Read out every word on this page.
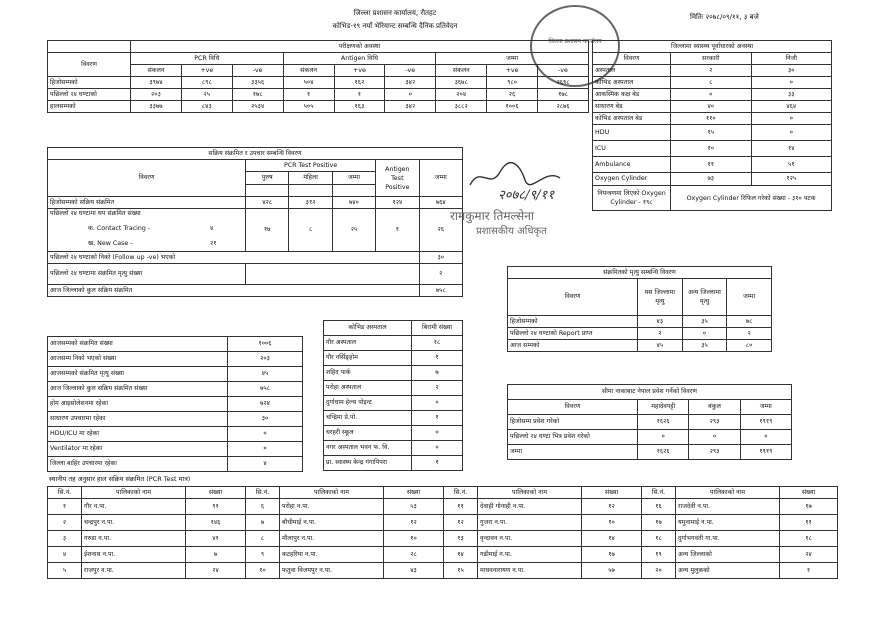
जिल्ला प्रशासन कार्यालय, रौतहट
कोभिड-१९ नयाँ भेरियान्ट सम्बन्धि दैनिक प्रतिवेदन
मितिः २०७८/०९/११, ३ बजे
जिल्ला प्रशासन कार्यालय
	परीक्षणको अवस्था								
विवरण	PCR विधि			Antigen विधि			जम्मा		
	संकलन	+ve	-ve	संकलन	+ve	-ve	संकलन	+ve	-ve
हिजोसम्मको	३९७४	८९८	३३५६	५०४	१६२	३४२	३६७८	९८०	२६९८
पछिल्लो २४ घण्टाको	२०३	२५	१७८	१	१	०	२०४	२६	१७८
हालसम्मको	३३७७	८४३	२५३४	५०५	१६३	३४२	३८८२	१००६	२८७६
जिल्लामा स्वास्थ्य पूर्वाधारको अवस्था		
विवरण	सरकारी	निजी
अस्पताल	२	३०
कोभिड अस्पताल	८	०
आकस्मिक कक्ष बेड	०	३३
साधारण बेड	४०	४६४
कोभिड अस्पताल बेड	११०	०
HDU	१५	०
ICU	१०	१४
Ambulance	११	५१
Oxygen Cylinder	७३	१२५
नियन्त्रणमा लिएको Oxygen Cylinder - १९८	Oxygen Cylinder रिफिल गरेको संख्या - ३१० पटक	
सक्रिय संक्रमित र उपचार सम्बन्धि विवरण					
विवरण	PCR Test Positive			Antigen Test Positive	जम्मा
	पुरुष	महिला	जम्मा		

हिजोसम्मको सक्रिय संक्रमित	४२८	३१२	७४०	१२४	७६४

पछिल्लो २४ घण्टामा थप संक्रमित संख्या
क. Contact Tracing - ४
ख. New Case - २१	१७	८	२५	१	२६
पछिल्लो २४ घण्टाको निको (Follow up -ve) भएको					३०
पछिल्लो २४ घण्टामा संक्रमित मृत्यु संख्या					२
आज जिल्लाको कुल सक्रिय संक्रमित					७५८
२०७८/९/११
रामकुमार तिमल्सेना
प्रशासकीय अधिकृत
संक्रमितको मृत्यु सम्बन्धि विवरण			
विवरण	यस जिल्लामा मृत्यु	अन्य जिल्लामा मृत्यु	जम्मा
हिजोसम्मको	४३	३५	७८
पछिल्लो २४ घण्टाको Report प्राप्त	२	०	२
आज सम्मको	४५	३५	८०
आजसम्मको संक्रमित संख्या	१००६
आजसम्म निको भएको संख्या	२०३
आजसम्मको संक्रमित मृत्यु संख्या	४५
आज जिल्लाको कुल सक्रिय संक्रमित संख्या	७५८
होम आइसोलेशनमा रहेका	७२४
साधारण उपचारमा रहेका	३०
HDU/ICU मा रहेका	०
Ventilator मा रहेका	०
जिल्ला बाहिर उपचारमा रहेका	४
कोभिड अस्पताल	बिरामी संख्या
गौर अस्पताल	१८
गौर नर्सिङ्होम	१
शहिद पार्क	७
परोहा अस्पताल	२
दुर्गाधाम हेल्थ पोइन्ट	०
चन्द्रिमा प्रे.पो.	१
धरहरी स्कूल	०
नगर अस्पताल भवन फ. वि.	०
प्रा. स्वास्थ्य केन्द्र गंगापिपरा	१
सीमा नाकाबाट नेपाल प्रवेश गर्नेको विवरण			
विवरण	महादेवपट्टी	बंकुल	जम्मा
हिजोसम्म प्रवेश गरेको	१६२६	२९३	१९१९
पछिल्लो २४ घण्टा भित्र प्रवेश गरेको	०	०	०
जम्मा	१६२६	२९३	१९१९
स्थानीय तह अनुसार हाल सक्रिय संक्रमित (PCR Test मात्र)
सि.नं.	पालिकाको नाम	संख्या	सि.नं.	पालिकाको नाम	संख्या	सि.नं.	पालिकाको नाम	संख्या	सि.नं.	पालिकाको नाम	संख्या
१	गौर न.पा.	९१	६	परोहा न.पा.	५३	११	देवाही गोनाही न.पा.	१२	१६	राजदेवी न.पा.	१७
२	चन्द्रपुर न.पा.	१४६	७	बौधीमाई न.पा.	१२	१२	गुजरा न.पा.	१०	१७	यमुनामाई न.पा.	११
३	गरुडा न.पा.	४१	८	मौलापुर न.पा.	१०	१३	वृन्दावन न.पा.	१४	१८	दुर्गाभगवती गा.पा.	१८
४	ईशनाथ न.पा.	७	९	कटहरिया न.पा.	२८	१४	गढीमाई न.पा.	१७	१९	अन्य जिल्लाको	२४
५	राजपुर न.पा.	२४	१०	फतुवा विजयपुर न.पा.	४३	१५	माधवनारायण न.पा.	५७	२०	अन्य मुलुकको	१
